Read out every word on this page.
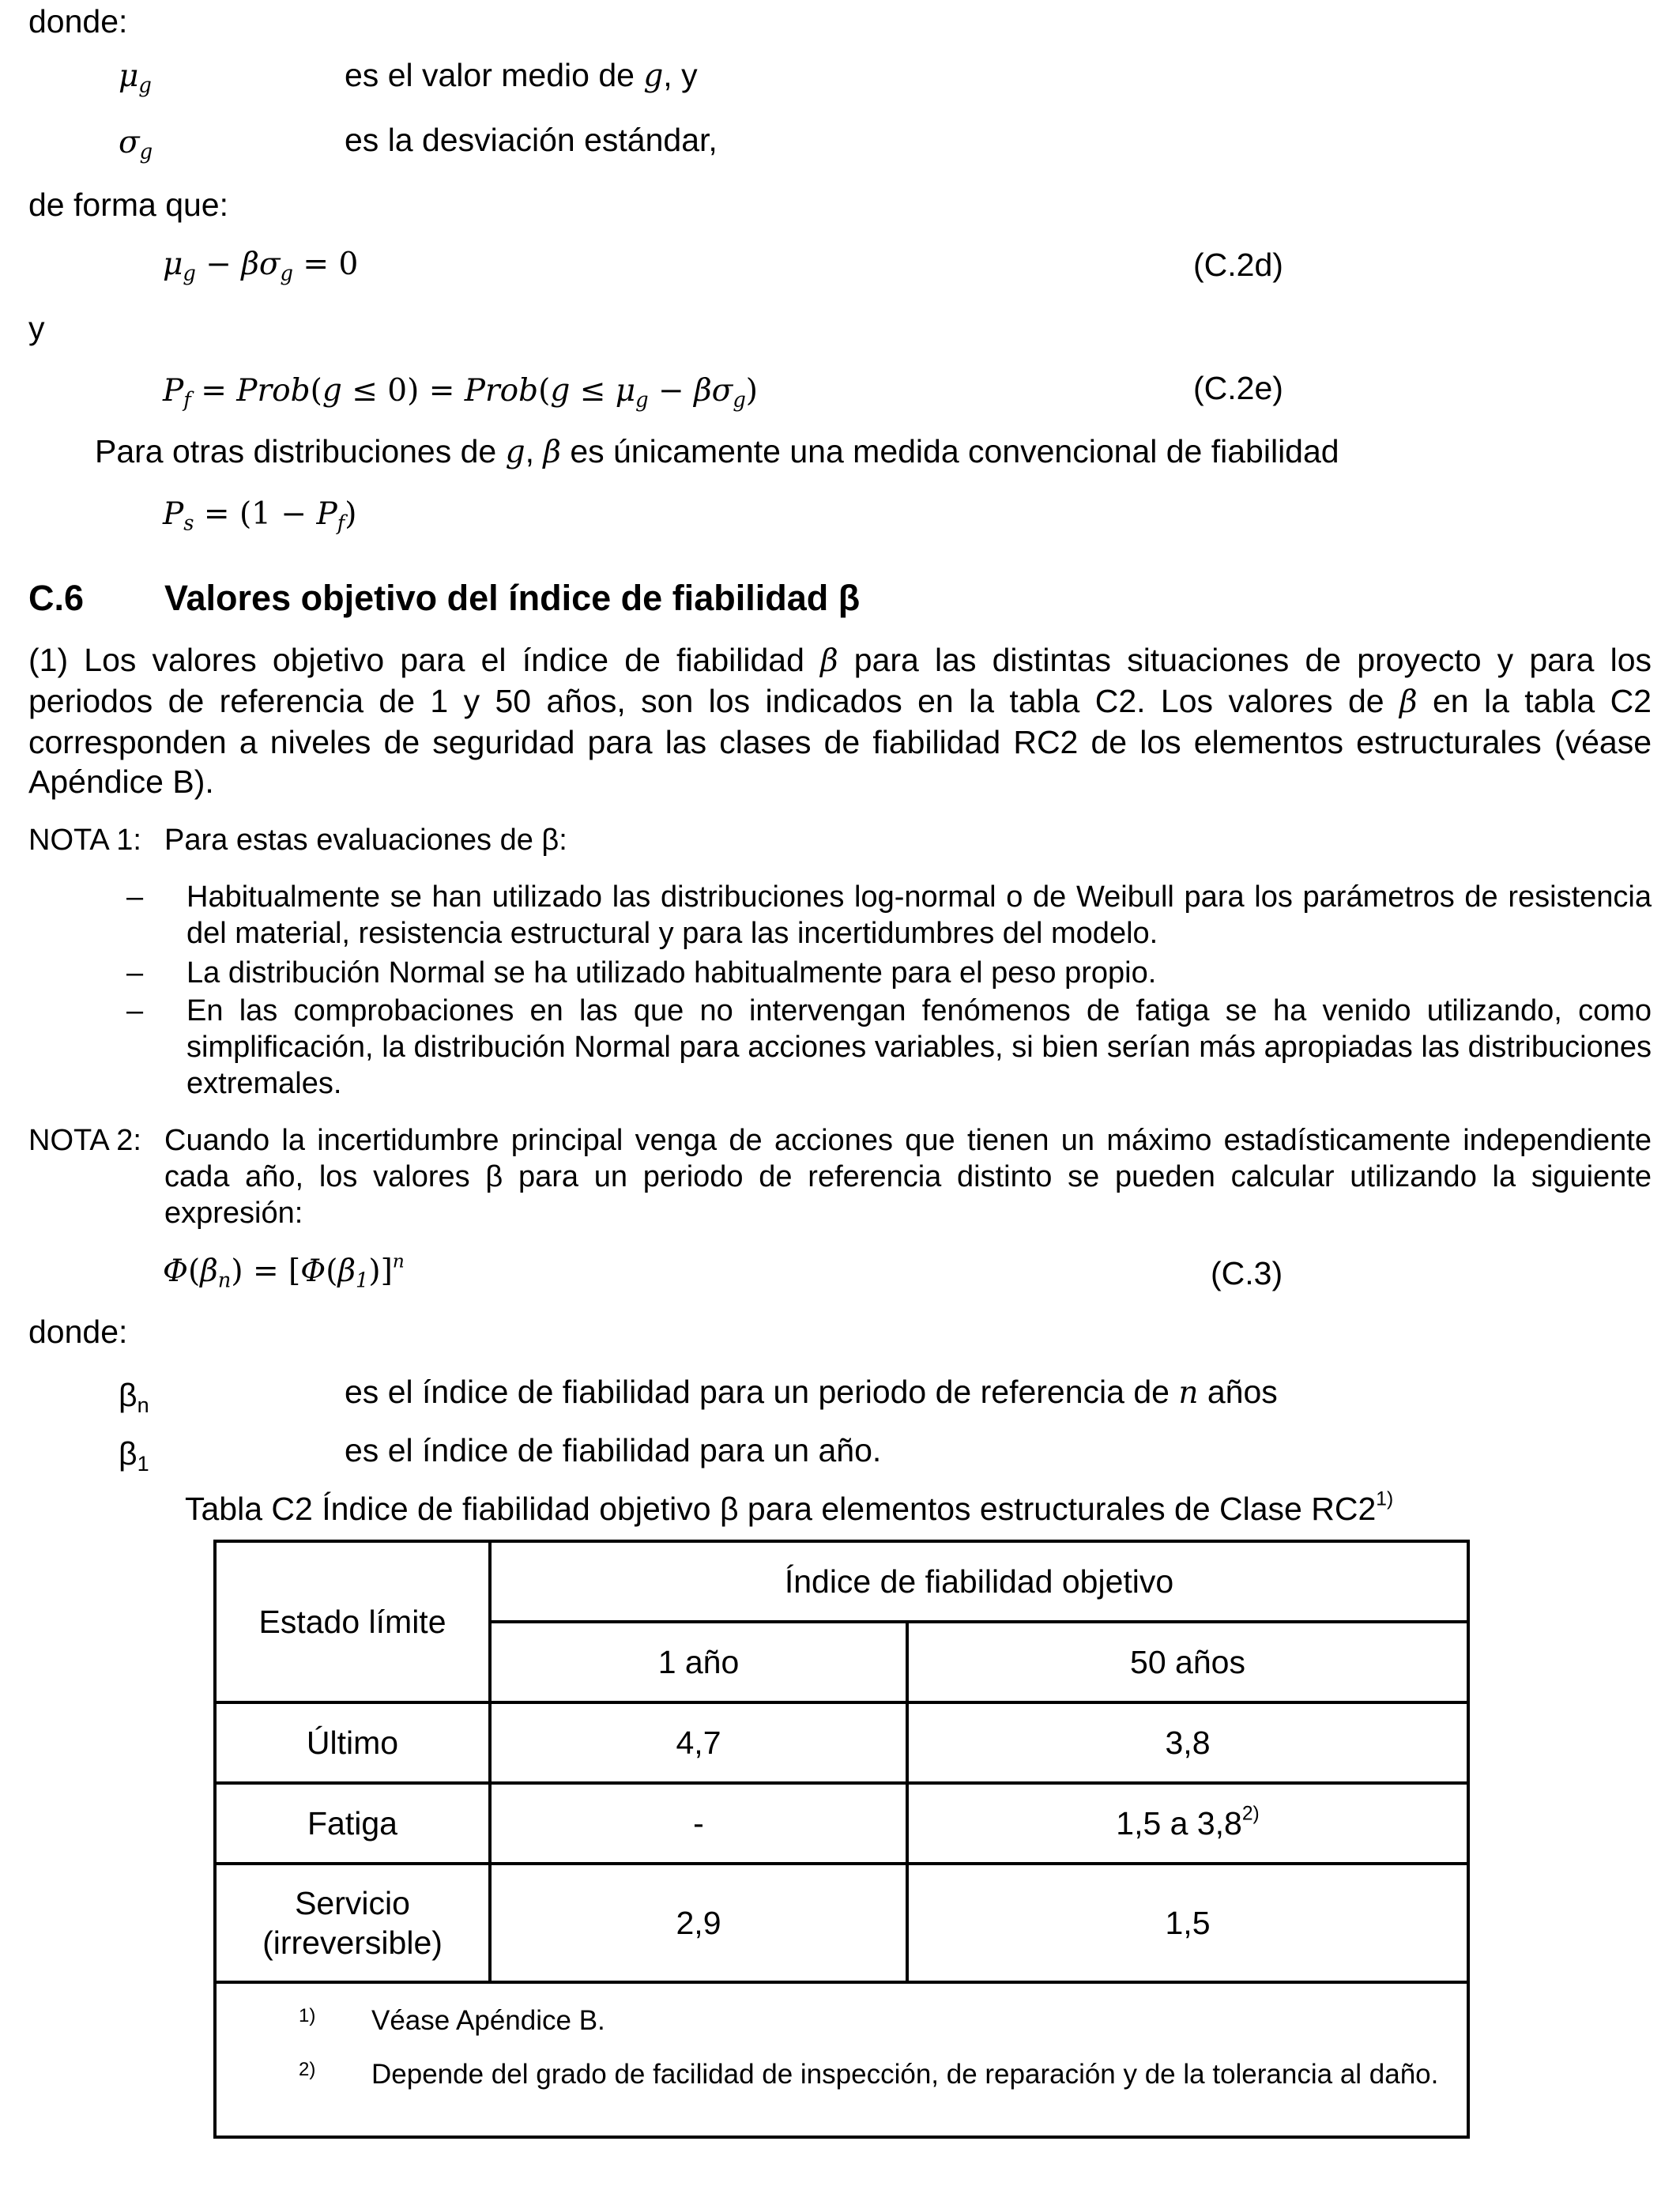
donde:
$\mu_g$	es el valor medio de g, y
$\sigma_g$	es la desviación estándar,
de forma que:
$\mu_g - \beta\sigma_g = 0$	(C.2d)
y
$P_f$ = Prob(g ≤ 0) = Prob(g ≤ $\mu_g - \beta\sigma_g$)	(C.2e)
Para otras distribuciones de g, β es únicamente una medida convencional de fiabilidad
$P_s = (1 - P_f)$
C.6 Valores objetivo del índice de fiabilidad β
(1) Los valores objetivo para el índice de fiabilidad β para las distintas situaciones de proyecto y para los periodos de referencia de 1 y 50 años, son los indicados en la tabla C2. Los valores de β en la tabla C2 corresponden a niveles de seguridad para las clases de fiabilidad RC2 de los elementos estructurales (véase Apéndice B).
NOTA 1: Para estas evaluaciones de β:
– Habitualmente se han utilizado las distribuciones log-normal o de Weibull para los parámetros de resistencia del material, resistencia estructural y para las incertidumbres del modelo.
– La distribución Normal se ha utilizado habitualmente para el peso propio.
– En las comprobaciones en las que no intervengan fenómenos de fatiga se ha venido utilizando, como simplificación, la distribución Normal para acciones variables, si bien serían más apropiadas las distribuciones extremales.
NOTA 2: Cuando la incertidumbre principal venga de acciones que tienen un máximo estadísticamente independiente cada año, los valores β para un periodo de referencia distinto se pueden calcular utilizando la siguiente expresión:
$\Phi(\beta_n) = [\Phi(\beta_1)]^n$	(C.3)
donde:
$\beta_n$	es el índice de fiabilidad para un periodo de referencia de n años
$\beta_1$	es el índice de fiabilidad para un año.
Tabla C2 Índice de fiabilidad objetivo β para elementos estructurales de Clase RC2$^{1)}$
Estado límite	Índice de fiabilidad objetivo	
	1 año	50 años
Último	4,7	3,8
Fatiga	-	1,5 a 3,8$^{2)}$

Servicio (irreversible)	2,9	1,5

1) Véase Apéndice B.
2) Depende del grado de facilidad de inspección, de reparación y de la tolerancia al daño.
